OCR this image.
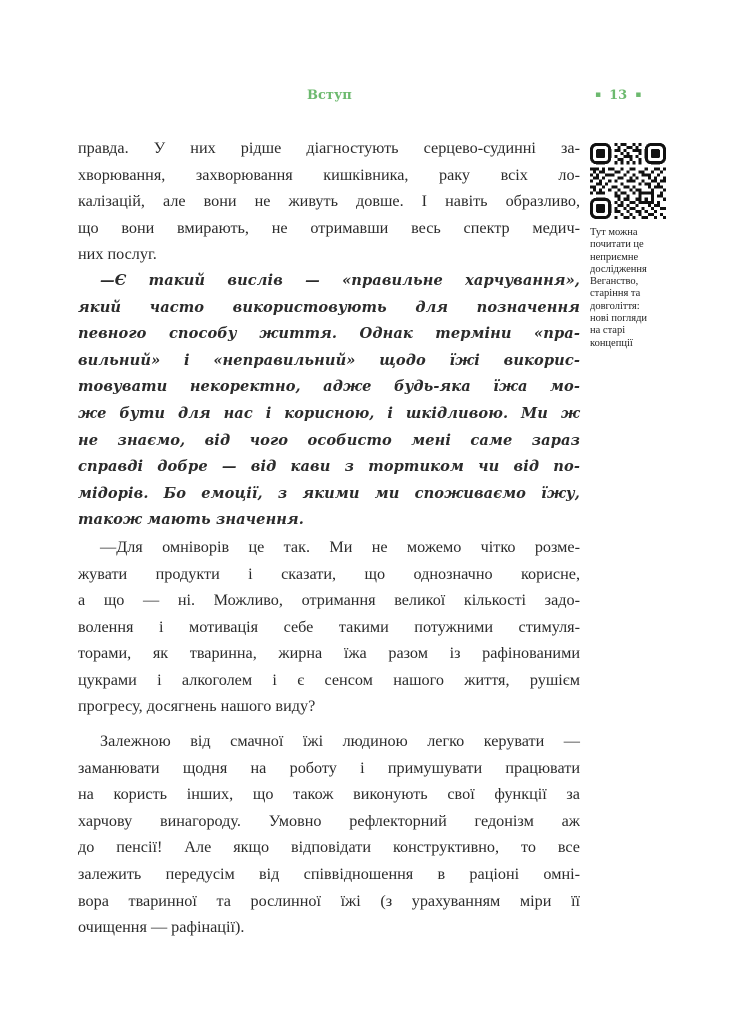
Вступ	▪ 13 ▪

правда. У них рідше діагностують серцево-судинні за-
хворювання, захворювання кишківника, раку всіх ло-
калізацій, але вони не живуть довше. І навіть образливо,
що вони вмирають, не отримавши весь спектр медич-
них послуг.

—Є такий вислів — «правильне харчування»,
який часто використовують для позначення
певного способу життя. Однак терміни «пра-
вильний» і «неправильний» щодо їжі викорис-
товувати некоректно, адже будь-яка їжа мо-
же бути для нас і корисною, і шкідливою. Ми ж
не знаємо, від чого особисто мені саме зараз
справді добре — від кави з тортиком чи від по-
мідорів. Бо емоції, з якими ми споживаємо їжу,
також мають значення.

—Для омніворів це так. Ми не можемо чітко розме-
жувати продукти і сказати, що однозначно корисне,
а що — ні. Можливо, отримання великої кількості задо-
волення і мотивація себе такими потужними стимуля-
торами, як тваринна, жирна їжа разом із рафінованими
цукрами і алкоголем і є сенсом нашого життя, рушієм
прогресу, досягнень нашого виду?

Залежною від смачної їжі людиною легко керувати —
заманювати щодня на роботу і примушувати працювати
на користь інших, що також виконують свої функції за
харчову винагороду. Умовно рефлекторний гедонізм аж
до пенсії! Але якщо відповідати конструктивно, то все
залежить передусім від співвідношення в раціоні омні-
вора тваринної та рослинної їжі (з урахуванням міри її
очищення — рафінації).

Тут можна
почитати це
неприємне
дослідження
Веганство,
старіння та
довголіття:
нові погляди
на старі
концепції
